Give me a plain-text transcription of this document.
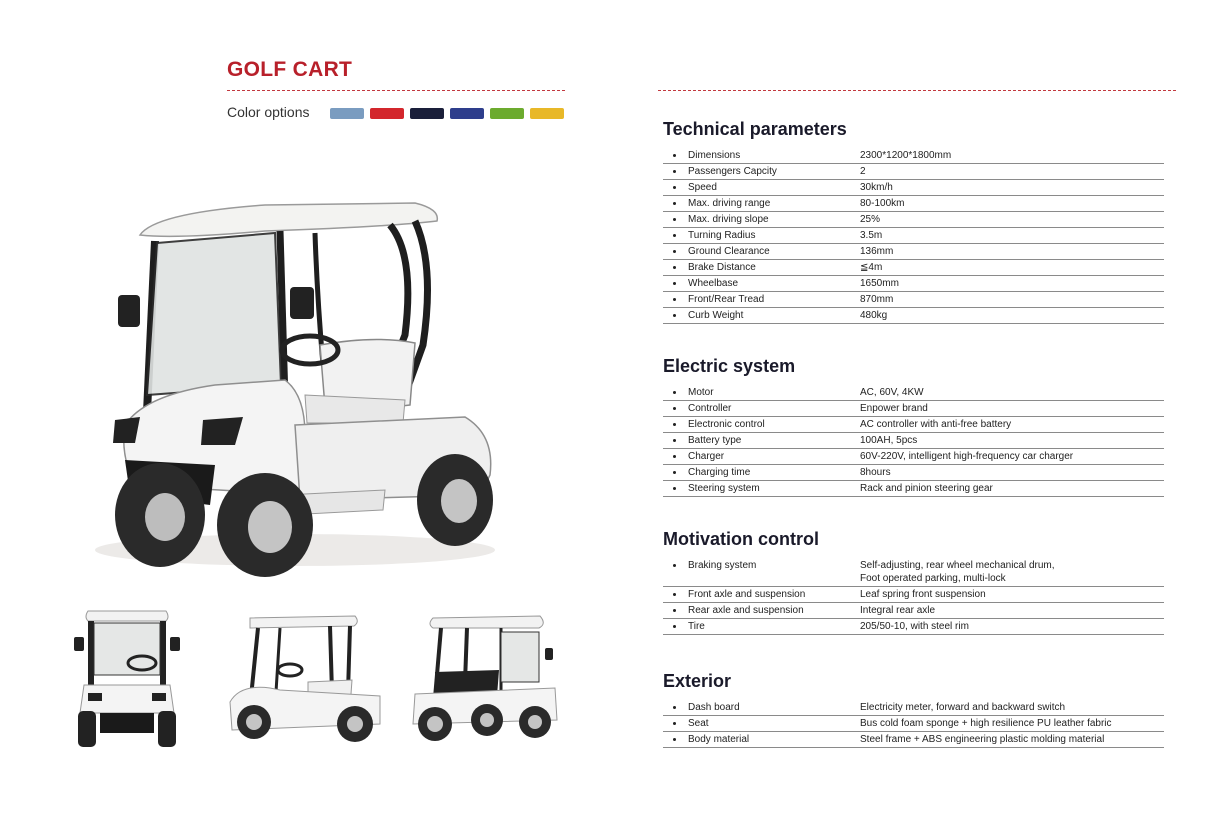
GOLF CART
Color options
Technical parameters
Dimensions	2300*1200*1800mm
Passengers Capcity	2
Speed	30km/h
Max. driving range	80-100km
Max. driving slope	25%
Turning Radius	3.5m
Ground Clearance	136mm
Brake Distance	≦4m
Wheelbase	1650mm
Front/Rear Tread	870mm
Curb Weight	480kg
Electric system
Motor	AC, 60V, 4KW
Controller	Enpower brand
Electronic control	AC controller with anti-free battery
Battery type	100AH, 5pcs
Charger	60V-220V, intelligent high-frequency car charger
Charging time	8hours
Steering system	Rack and pinion steering gear
Motivation control
Braking system	Self-adjusting, rear wheel mechanical drum,
Foot operated parking, multi-lock
Front axle and suspension	Leaf spring front suspension
Rear axle and suspension	Integral rear axle
Tire	205/50-10, with steel rim
Exterior
Dash board	Electricity meter, forward and backward switch
Seat	Bus cold foam sponge + high resilience PU leather fabric
Body material	Steel frame + ABS engineering plastic molding material
